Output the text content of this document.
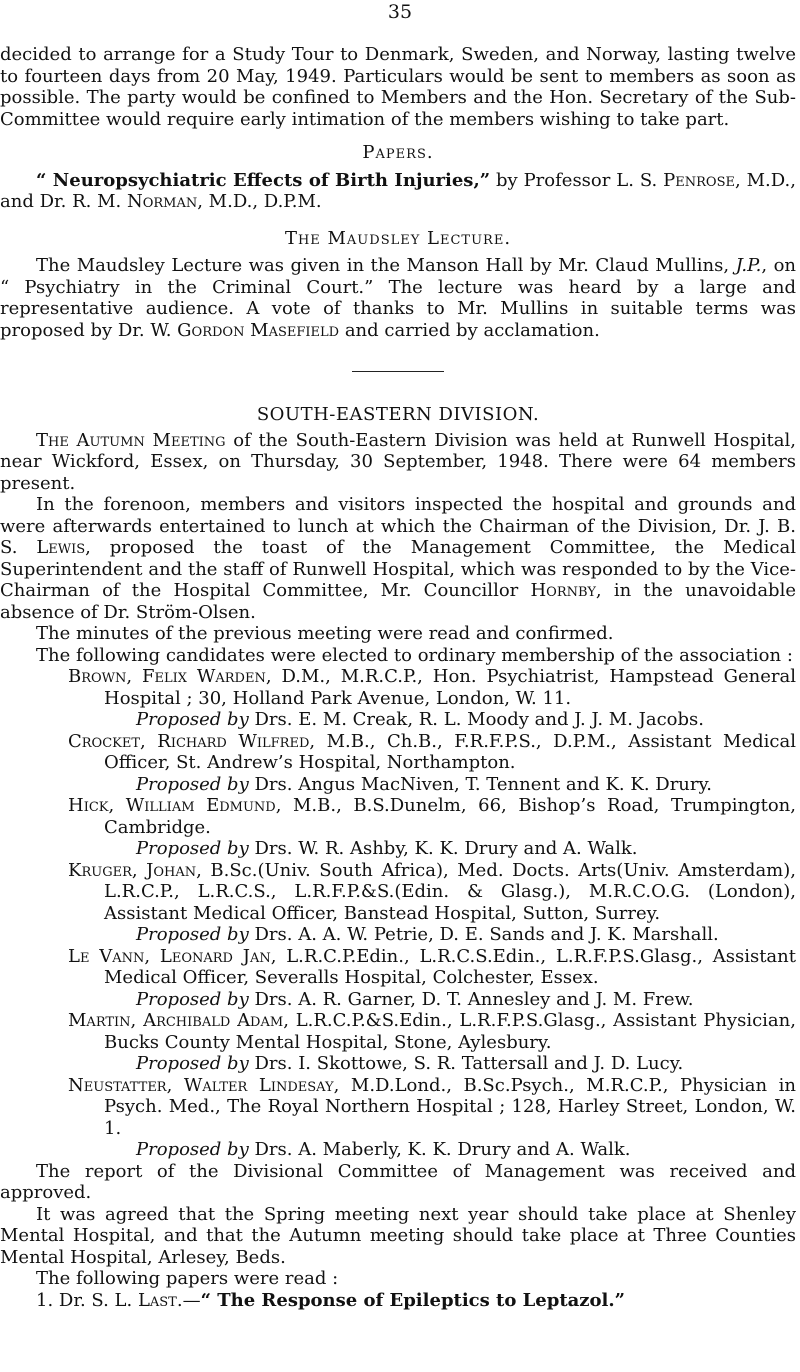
35

decided to arrange for a Study Tour to Denmark, Sweden, and Norway, lasting twelve to fourteen days from 20 May, 1949. Particulars would be sent to members as soon as possible. The party would be confined to Members and the Hon. Secretary of the Sub-Committee would require early intimation of the members wishing to take part.

Papers.

“ Neuropsychiatric Effects of Birth Injuries,” by Professor L. S. Penrose, M.D., and Dr. R. M. Norman, M.D., D.P.M.

The Maudsley Lecture.

The Maudsley Lecture was given in the Manson Hall by Mr. Claud Mullins, J.P., on “ Psychiatry in the Criminal Court.” The lecture was heard by a large and representative audience. A vote of thanks to Mr. Mullins in suitable terms was proposed by Dr. W. Gordon Masefield and carried by acclamation.

SOUTH-EASTERN DIVISION.

The Autumn Meeting of the South-Eastern Division was held at Runwell Hospital, near Wickford, Essex, on Thursday, 30 September, 1948. There were 64 members present.

In the forenoon, members and visitors inspected the hospital and grounds and were afterwards entertained to lunch at which the Chairman of the Division, Dr. J. B. S. Lewis, proposed the toast of the Management Committee, the Medical Superintendent and the staff of Runwell Hospital, which was responded to by the Vice-Chairman of the Hospital Committee, Mr. Councillor Hornby, in the unavoidable absence of Dr. Ström-Olsen.

The minutes of the previous meeting were read and confirmed.

The following candidates were elected to ordinary membership of the association :

Brown, Felix Warden, D.M., M.R.C.P., Hon. Psychiatrist, Hampstead General Hospital ; 30, Holland Park Avenue, London, W. 11.

Proposed by Drs. E. M. Creak, R. L. Moody and J. J. M. Jacobs.

Crocket, Richard Wilfred, M.B., Ch.B., F.R.F.P.S., D.P.M., Assistant Medical Officer, St. Andrew’s Hospital, Northampton.

Proposed by Drs. Angus MacNiven, T. Tennent and K. K. Drury.

Hick, William Edmund, M.B., B.S.Dunelm, 66, Bishop’s Road, Trumpington, Cambridge.

Proposed by Drs. W. R. Ashby, K. K. Drury and A. Walk.

Kruger, Johan, B.Sc.(Univ. South Africa), Med. Docts. Arts(Univ. Amsterdam), L.R.C.P., L.R.C.S., L.R.F.P.&S.(Edin. & Glasg.), M.R.C.O.G. (London), Assistant Medical Officer, Banstead Hospital, Sutton, Surrey.

Proposed by Drs. A. A. W. Petrie, D. E. Sands and J. K. Marshall.

Le Vann, Leonard Jan, L.R.C.P.Edin., L.R.C.S.Edin., L.R.F.P.S.Glasg., Assistant Medical Officer, Severalls Hospital, Colchester, Essex.

Proposed by Drs. A. R. Garner, D. T. Annesley and J. M. Frew.

Martin, Archibald Adam, L.R.C.P.&S.Edin., L.R.F.P.S.Glasg., Assistant Physician, Bucks County Mental Hospital, Stone, Aylesbury.

Proposed by Drs. I. Skottowe, S. R. Tattersall and J. D. Lucy.

Neustatter, Walter Lindesay, M.D.Lond., B.Sc.Psych., M.R.C.P., Physician in Psych. Med., The Royal Northern Hospital ; 128, Harley Street, London, W. 1.

Proposed by Drs. A. Maberly, K. K. Drury and A. Walk.

The report of the Divisional Committee of Management was received and approved.

It was agreed that the Spring meeting next year should take place at Shenley Mental Hospital, and that the Autumn meeting should take place at Three Counties Mental Hospital, Arlesey, Beds.

The following papers were read :

1. Dr. S. L. Last.—“ The Response of Epileptics to Leptazol.”
